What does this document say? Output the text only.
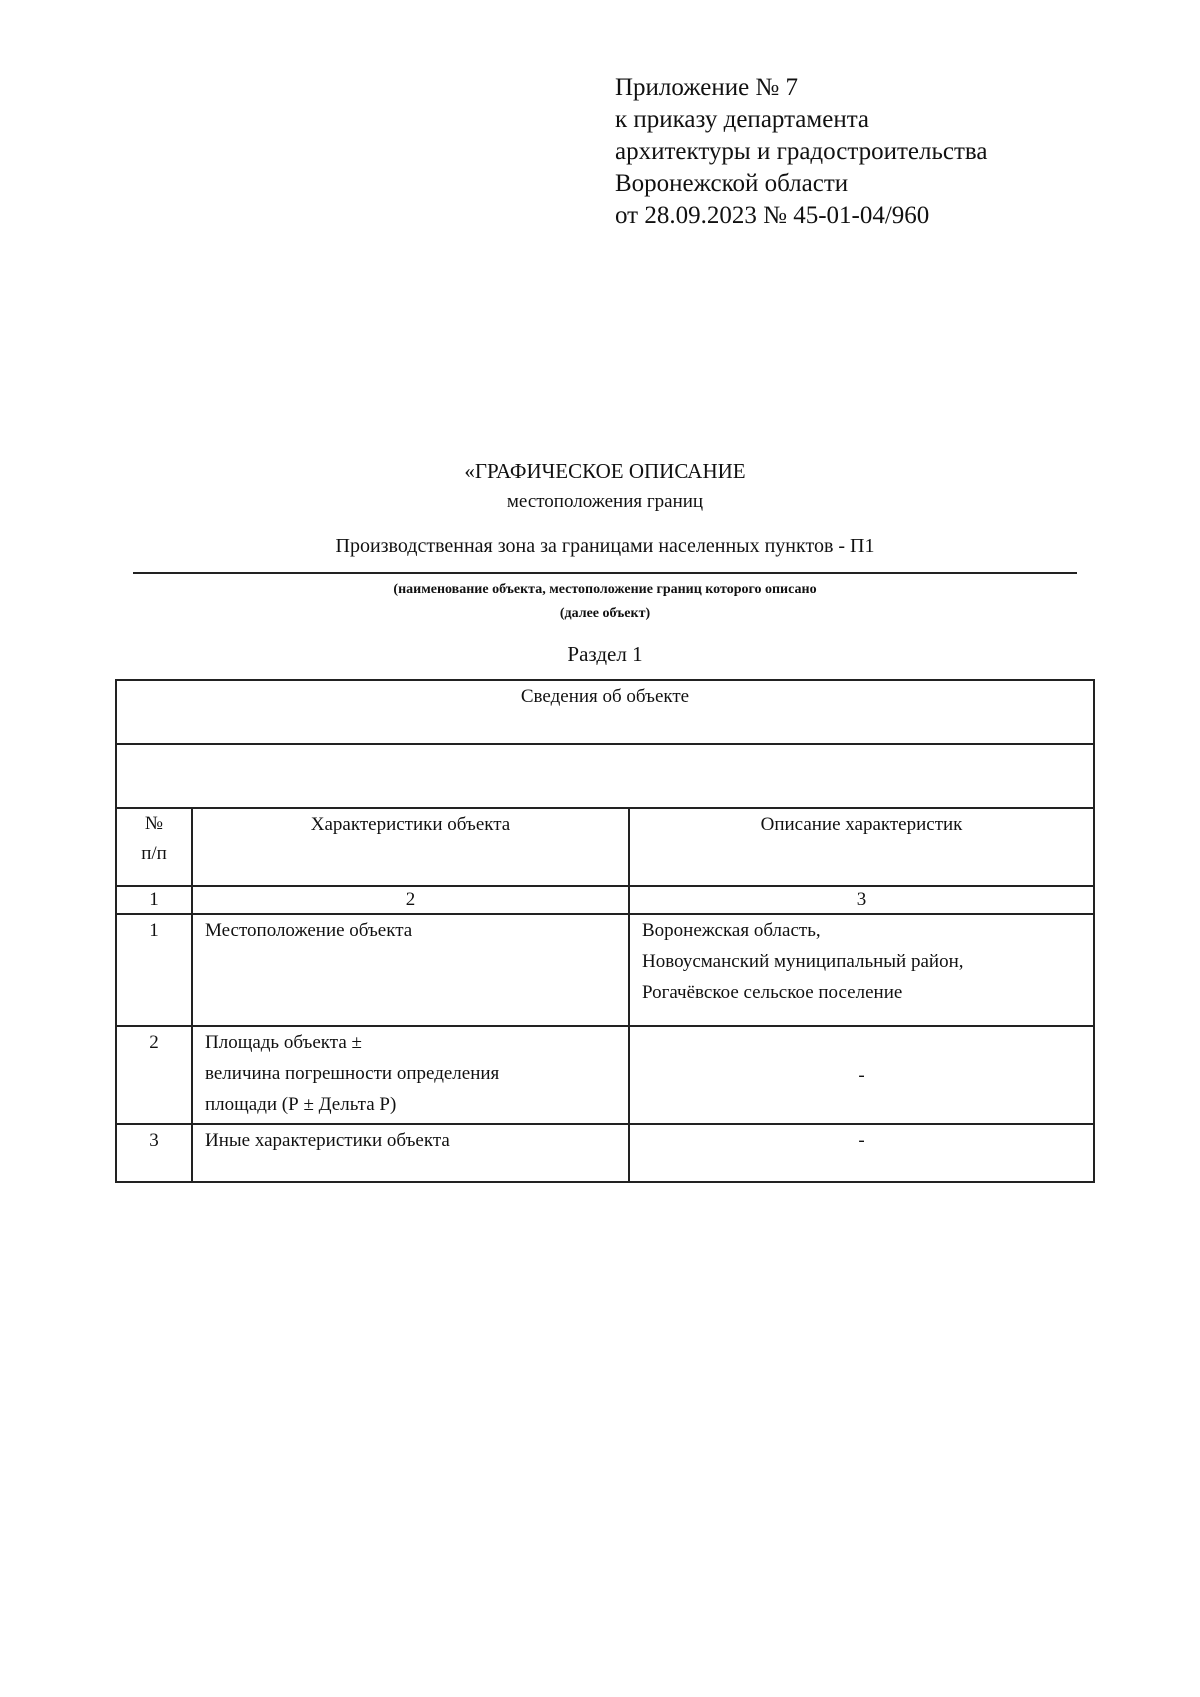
Приложение № 7
к приказу департамента
архитектуры и градостроительства
Воронежской области
от 28.09.2023 № 45-01-04/960
«ГРАФИЧЕСКОЕ ОПИСАНИЕ
местоположения границ
Производственная зона за границами населенных пунктов - П1
(наименование объекта, местоположение границ которого описано
(далее объект)
Раздел 1
Сведения об объекте		

№
п/п	Характеристики объекта	Описание характеристик
1	2	3
1	Местоположение объекта	Воронежская область,
Новоусманский муниципальный район,
Рогачёвское сельское поселение

2	Площадь объекта ±
величина погрешности определения
площади (Р ± Дельта Р)	-
3	Иные характеристики объекта	-
